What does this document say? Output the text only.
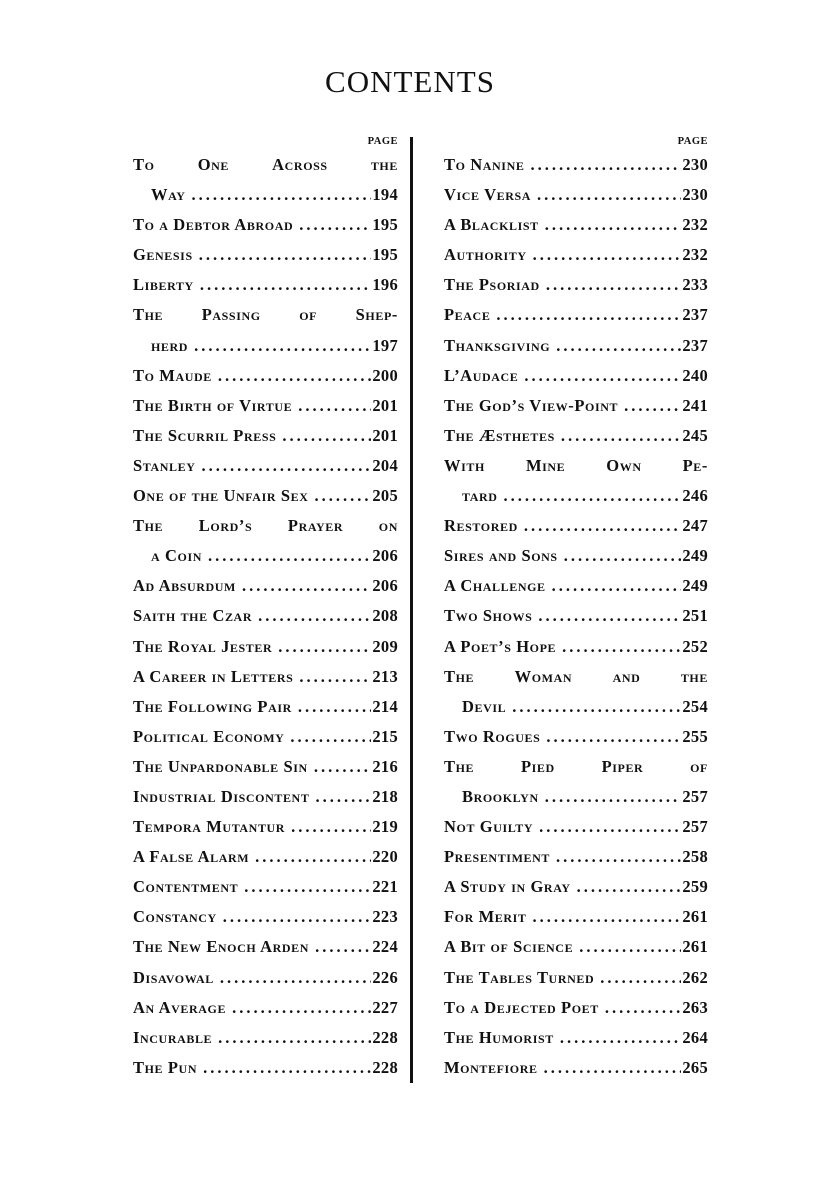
CONTENTS
PAGE
To	One	Across	the
Way .....	194
To a Debtor Abroad .....	195
Genesis .....	195
Liberty .....	196
The Passing of Shep-
herd .....	197
To Maude .....	200
The Birth of Virtue .....	201
The Scurril Press .....	201
Stanley .....	204
One of the Unfair Sex .....	205
The Lord’s Prayer on
a Coin .....	206
Ad Absurdum .....	206
Saith the Czar .....	208
The Royal Jester .....	209
A Career in Letters .....	213
The Following Pair .....	214
Political Economy .....	215
The Unpardonable Sin .....	216
Industrial Discontent .....	218
Tempora Mutantur .....	219
A False Alarm .....	220
Contentment .....	221
Constancy .....	223
The New Enoch Arden .....	224
Disavowal .....	226
An Average .....	227
Incurable .....	228
The Pun .....	228
PAGE
To Nanine .....	230
Vice Versa .....	230
A Blacklist .....	232
Authority .....	232
The Psoriad .....	233
Peace .....	237
Thanksgiving .....	237
L’Audace .....	240
The God’s View-Point .....	241
The Æsthetes .....	245
With Mine Own Pe-
tard .....	246
Restored .....	247
Sires and Sons .....	249
A Challenge .....	249
Two Shows .....	251
A Poet’s Hope .....	252
The Woman and the
Devil .....	254
Two Rogues .....	255
The	Pied	Piper	of
Brooklyn .....	257
Not Guilty .....	257
Presentiment .....	258
A Study in Gray .....	259
For Merit .....	261
A Bit of Science .....	261
The Tables Turned .....	262
To a Dejected Poet .....	263
The Humorist .....	264
Montefiore .....	265
